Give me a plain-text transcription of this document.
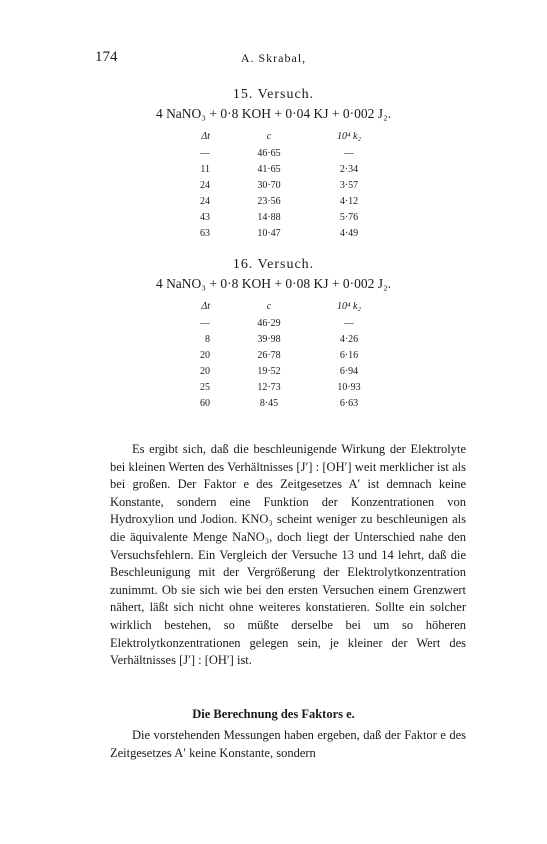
174	A. Skrabal,
15. Versuch.
4 NaNO₃ + 0·8 KOH + 0·04 KJ + 0·002 J₂.
Δt	c	10⁴ k₂
—	46·65	—
11	41·65	2·34
24	30·70	3·57
24	23·56	4·12
43	14·88	5·76
63	10·47	4·49
16. Versuch.
4 NaNO₃ + 0·8 KOH + 0·08 KJ + 0·002 J₂.
Δt	c	10⁴ k₂
—	46·29	—
8	39·98	4·26
20	26·78	6·16
20	19·52	6·94
25	12·73	10·93
60	8·45	6·63

Es ergibt sich, daß die beschleunigende Wirkung der Elektrolyte bei kleinen Werten des Verhältnisses [J′] : [OH′] weit merklicher ist als bei großen. Der Faktor e des Zeitgesetzes A′ ist demnach keine Konstante, sondern eine Funktion der Konzentrationen von Hydroxylion und Jodion. KNO₃ scheint weniger zu beschleunigen als die äquivalente Menge NaNO₃, doch liegt der Unterschied nahe den Versuchsfehlern. Ein Vergleich der Versuche 13 und 14 lehrt, daß die Beschleunigung mit der Vergrößerung der Elektrolytkonzentration zunimmt. Ob sie sich wie bei den ersten Versuchen einem Grenzwert nähert, läßt sich nicht ohne weiteres konstatieren. Sollte ein solcher wirklich bestehen, so müßte derselbe bei um so höheren Elektrolytkonzentrationen gelegen sein, je kleiner der Wert des Verhältnisses [J′] : [OH′] ist.

Die Berechnung des Faktors e.

Die vorstehenden Messungen haben ergeben, daß der Faktor e des Zeitgesetzes A′ keine Konstante, sondern
